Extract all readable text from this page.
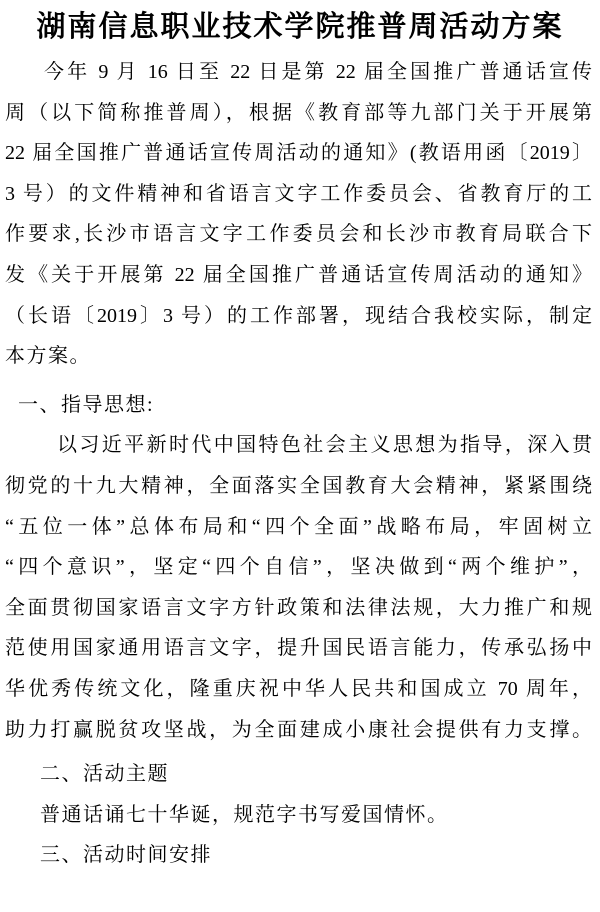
湖南信息职业技术学院推普周活动方案
今年 9 月 16 日至 22 日是第 22 届全国推广普通话宣传
周（以下简称推普周），根据《教育部等九部门关于开展第
22 届全国推广普通话宣传周活动的通知》(教语用函〔2019〕
3 号）的文件精神和省语言文字工作委员会、省教育厅的工
作要求,长沙市语言文字工作委员会和长沙市教育局联合下
发《关于开展第 22 届全国推广普通话宣传周活动的通知》
（长语〔2019〕3 号）的工作部署，现结合我校实际，制定
本方案。
一、指导思想:
以习近平新时代中国特色社会主义思想为指导，深入贯
彻党的十九大精神，全面落实全国教育大会精神，紧紧围绕
“五位一体”总体布局和“四个全面”战略布局，牢固树立
“四个意识”，坚定“四个自信”，坚决做到“两个维护”，
全面贯彻国家语言文字方针政策和法律法规，大力推广和规
范使用国家通用语言文字，提升国民语言能力，传承弘扬中
华优秀传统文化，隆重庆祝中华人民共和国成立 70 周年，
助力打赢脱贫攻坚战，为全面建成小康社会提供有力支撑。
二、活动主题
普通话诵七十华诞，规范字书写爱国情怀。
三、活动时间安排
